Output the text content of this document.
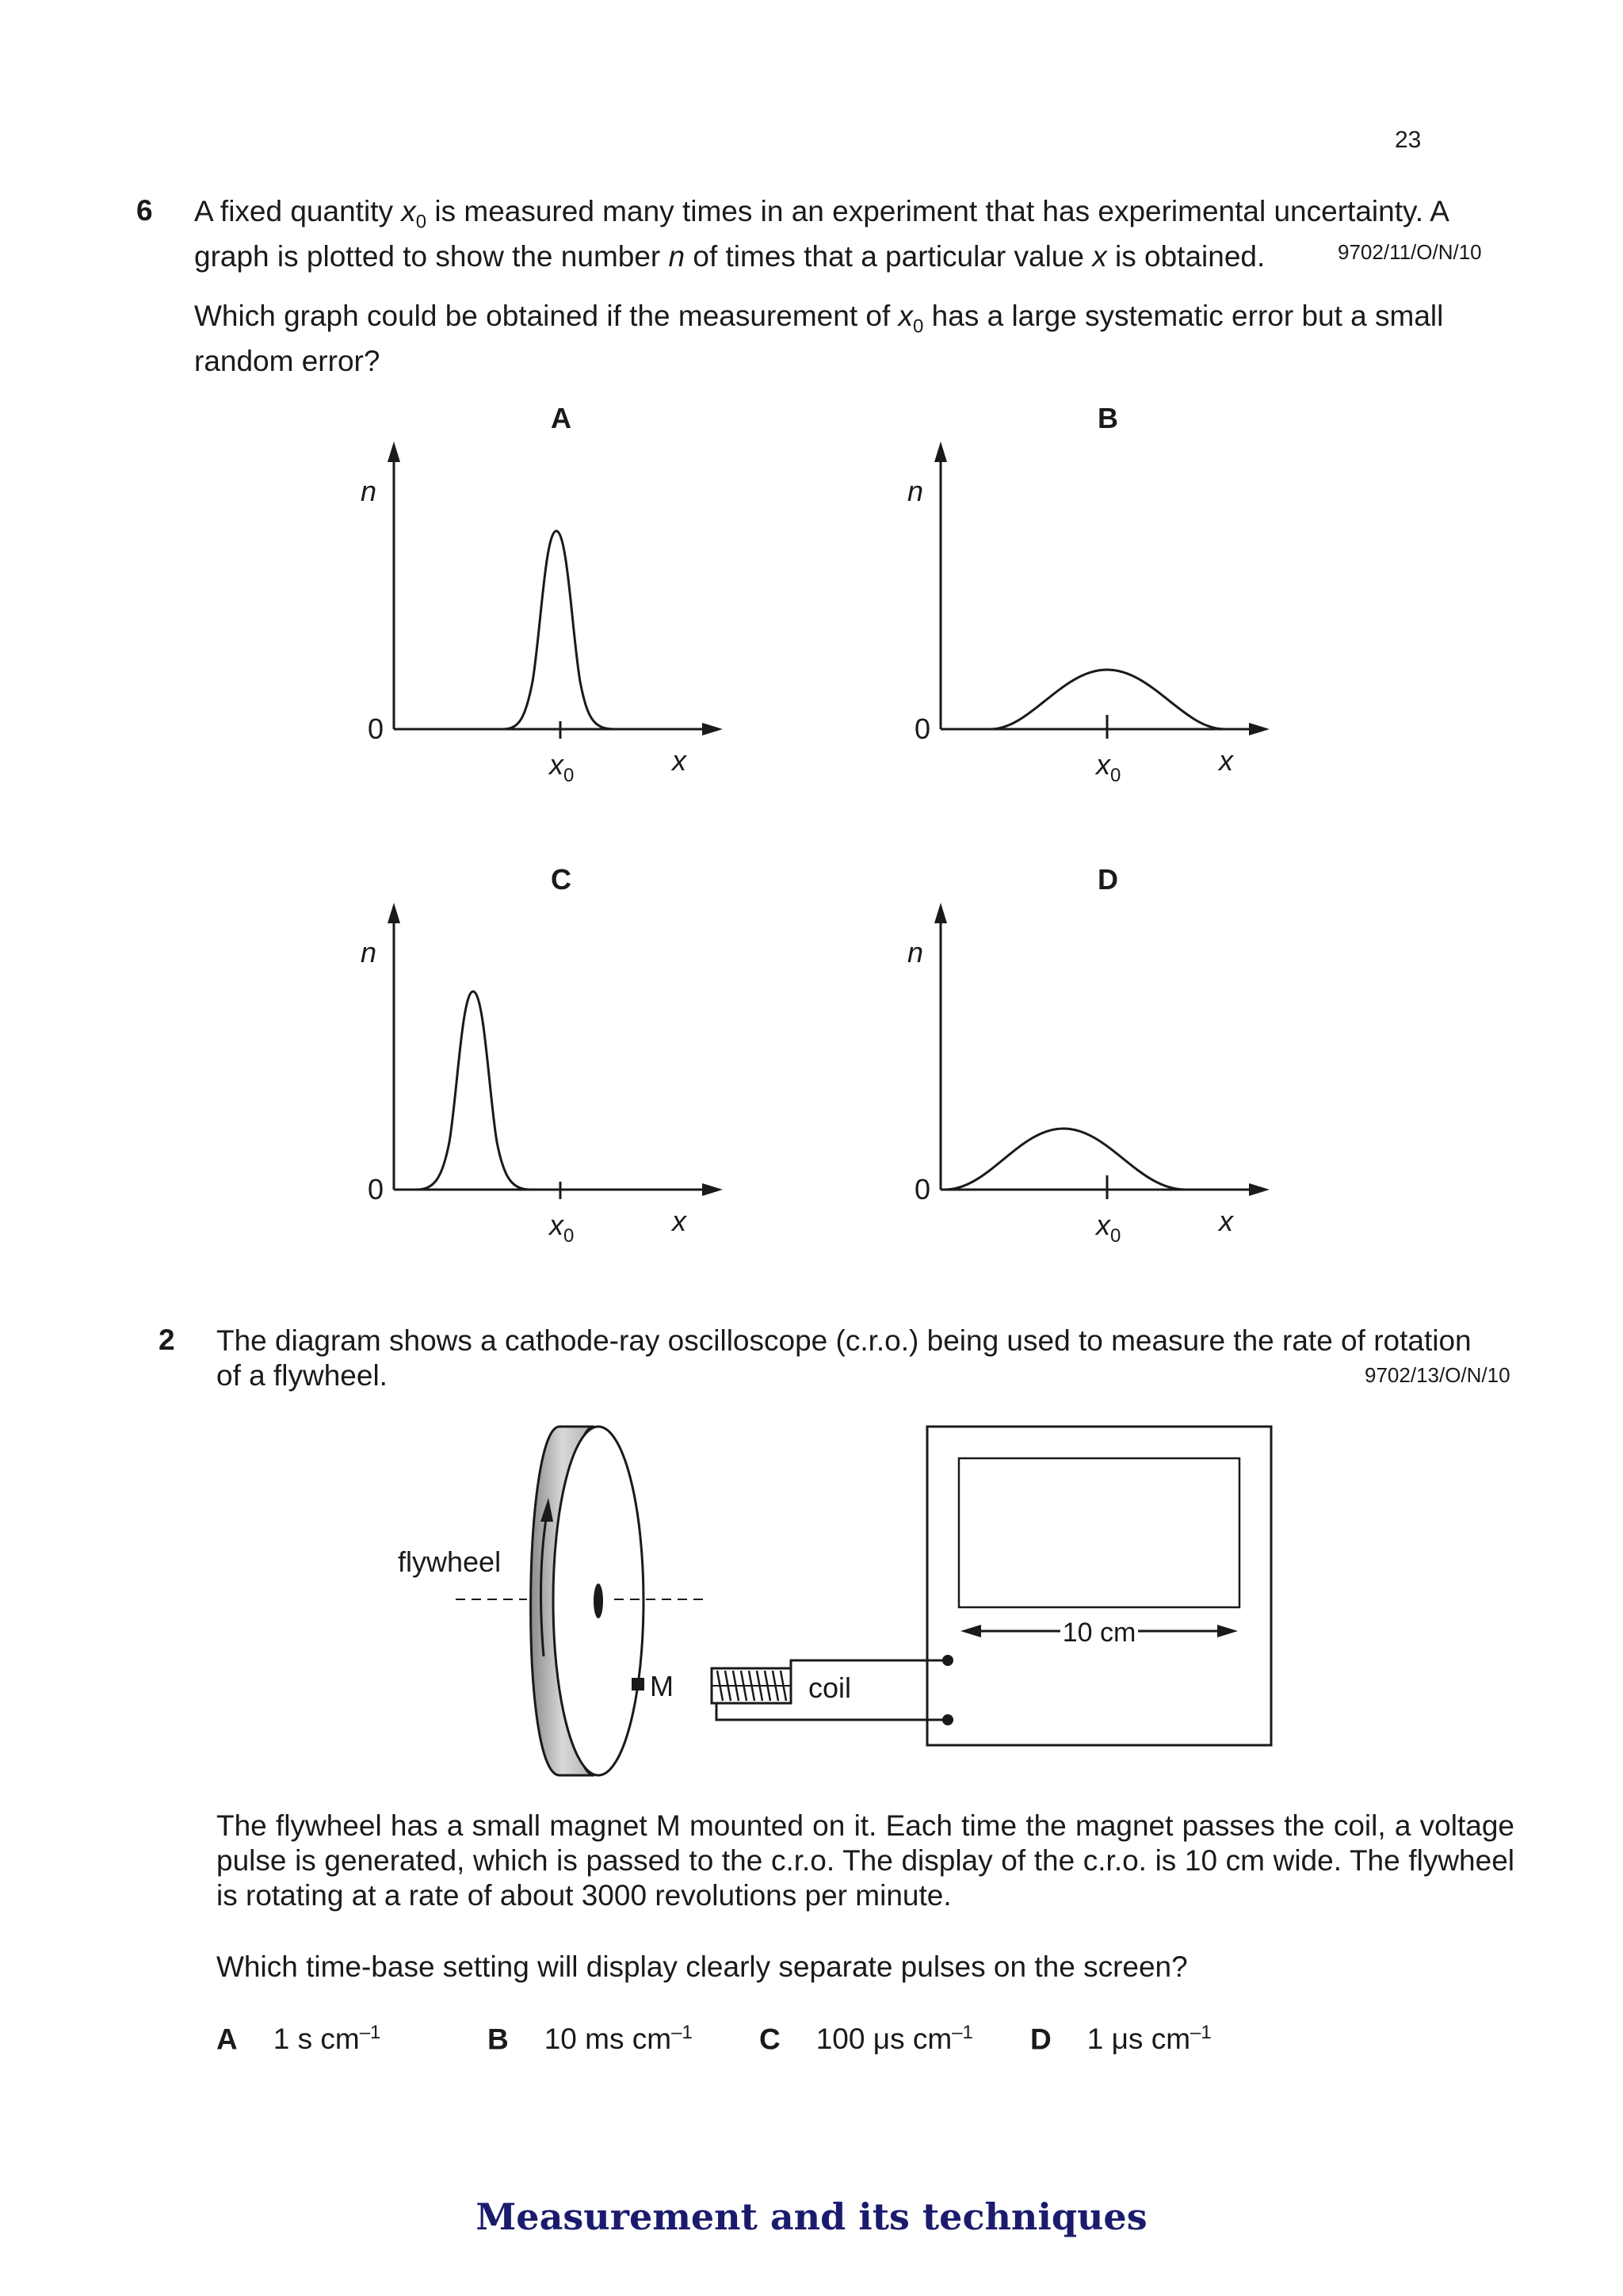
23
6 A fixed quantity $x_0$ is measured many times in an experiment that has experimental uncertainty. A
graph is plotted to show the number n of times that a particular value x is obtained.	9702/11/O/N/10
Which graph could be obtained if the measurement of $x_0$ has a large systematic error but a small
random error?
A
n
0
$x_0$	x
B
n
0
$x_0$	x
C
n
0
$x_0$	x
D
n
0
$x_0$	x
2 The diagram shows a cathode-ray oscilloscope (c.r.o.) being used to measure the rate of rotation
of a flywheel.	9702/13/O/N/10
flywheel
M	coil
10 cm
The flywheel has a small magnet M mounted on it. Each time the magnet passes the coil, a voltage pulse is generated, which is passed to the c.r.o. The display of the c.r.o. is 10 cm wide. The flywheel is rotating at a rate of about 3000 revolutions per minute.
Which time-base setting will display clearly separate pulses on the screen?
A 1 s $cm^{-1}$	B 10 ms $cm^{-1}$ C 100 μs $cm^{-1}$ D 1 μs $cm^{-1}$
Measurement and its techniques
